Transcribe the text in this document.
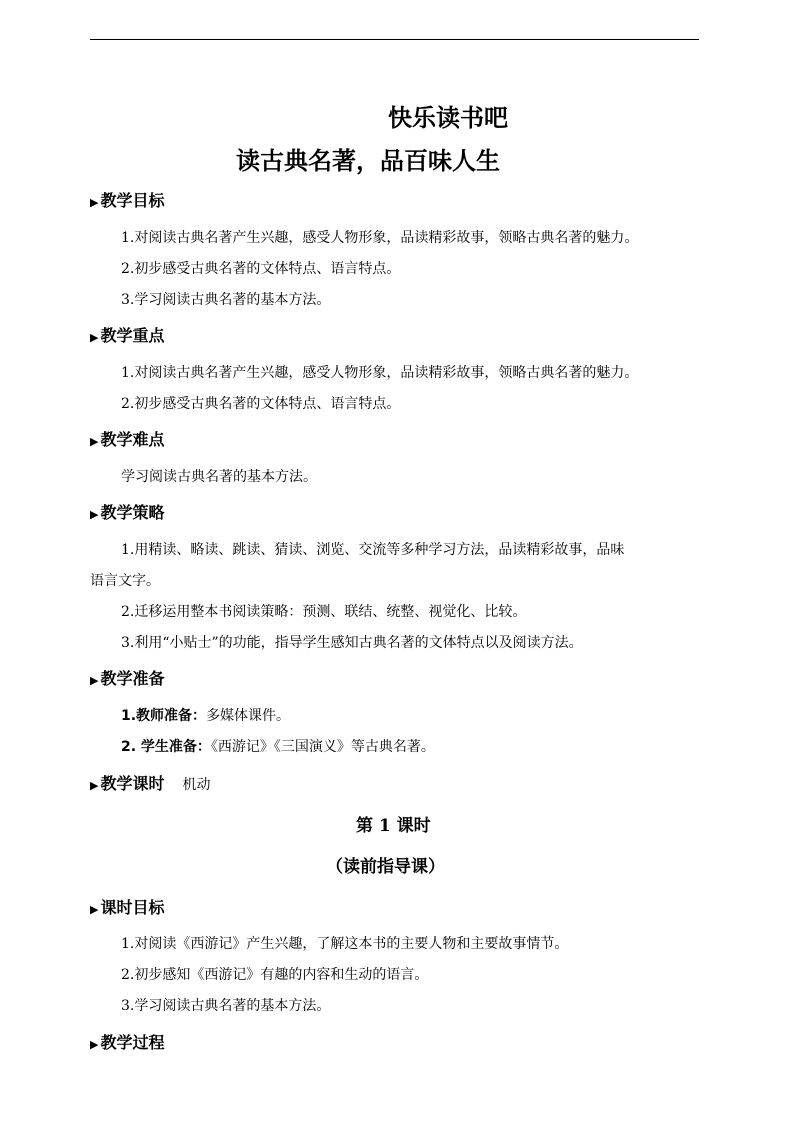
快乐读书吧
读古典名著，品百味人生
▶ 教学目标
1.对阅读古典名著产生兴趣，感受人物形象，品读精彩故事，领略古典名著的魅力。
2.初步感受古典名著的文体特点、语言特点。
3.学习阅读古典名著的基本方法。
▶ 教学重点
1.对阅读古典名著产生兴趣，感受人物形象，品读精彩故事，领略古典名著的魅力。
2.初步感受古典名著的文体特点、语言特点。
▶ 教学难点
学习阅读古典名著的基本方法。
▶ 教学策略
1.用精读、略读、跳读、猜读、浏览、交流等多种学习方法，品读精彩故事，品味
语言文字。
2.迁移运用整本书阅读策略：预测、联结、统整、视觉化、比较。
3.利用“小贴士”的功能，指导学生感知古典名著的文体特点以及阅读方法。
▶ 教学准备
1.教师准备：多媒体课件。
2. 学生准备：《西游记》《三国演义》等古典名著。
▶ 教学课时 机动
第 1 课时
（读前指导课）
▶ 课时目标
1.对阅读《西游记》产生兴趣，了解这本书的主要人物和主要故事情节。
2.初步感知《西游记》有趣的内容和生动的语言。
3.学习阅读古典名著的基本方法。
▶ 教学过程
